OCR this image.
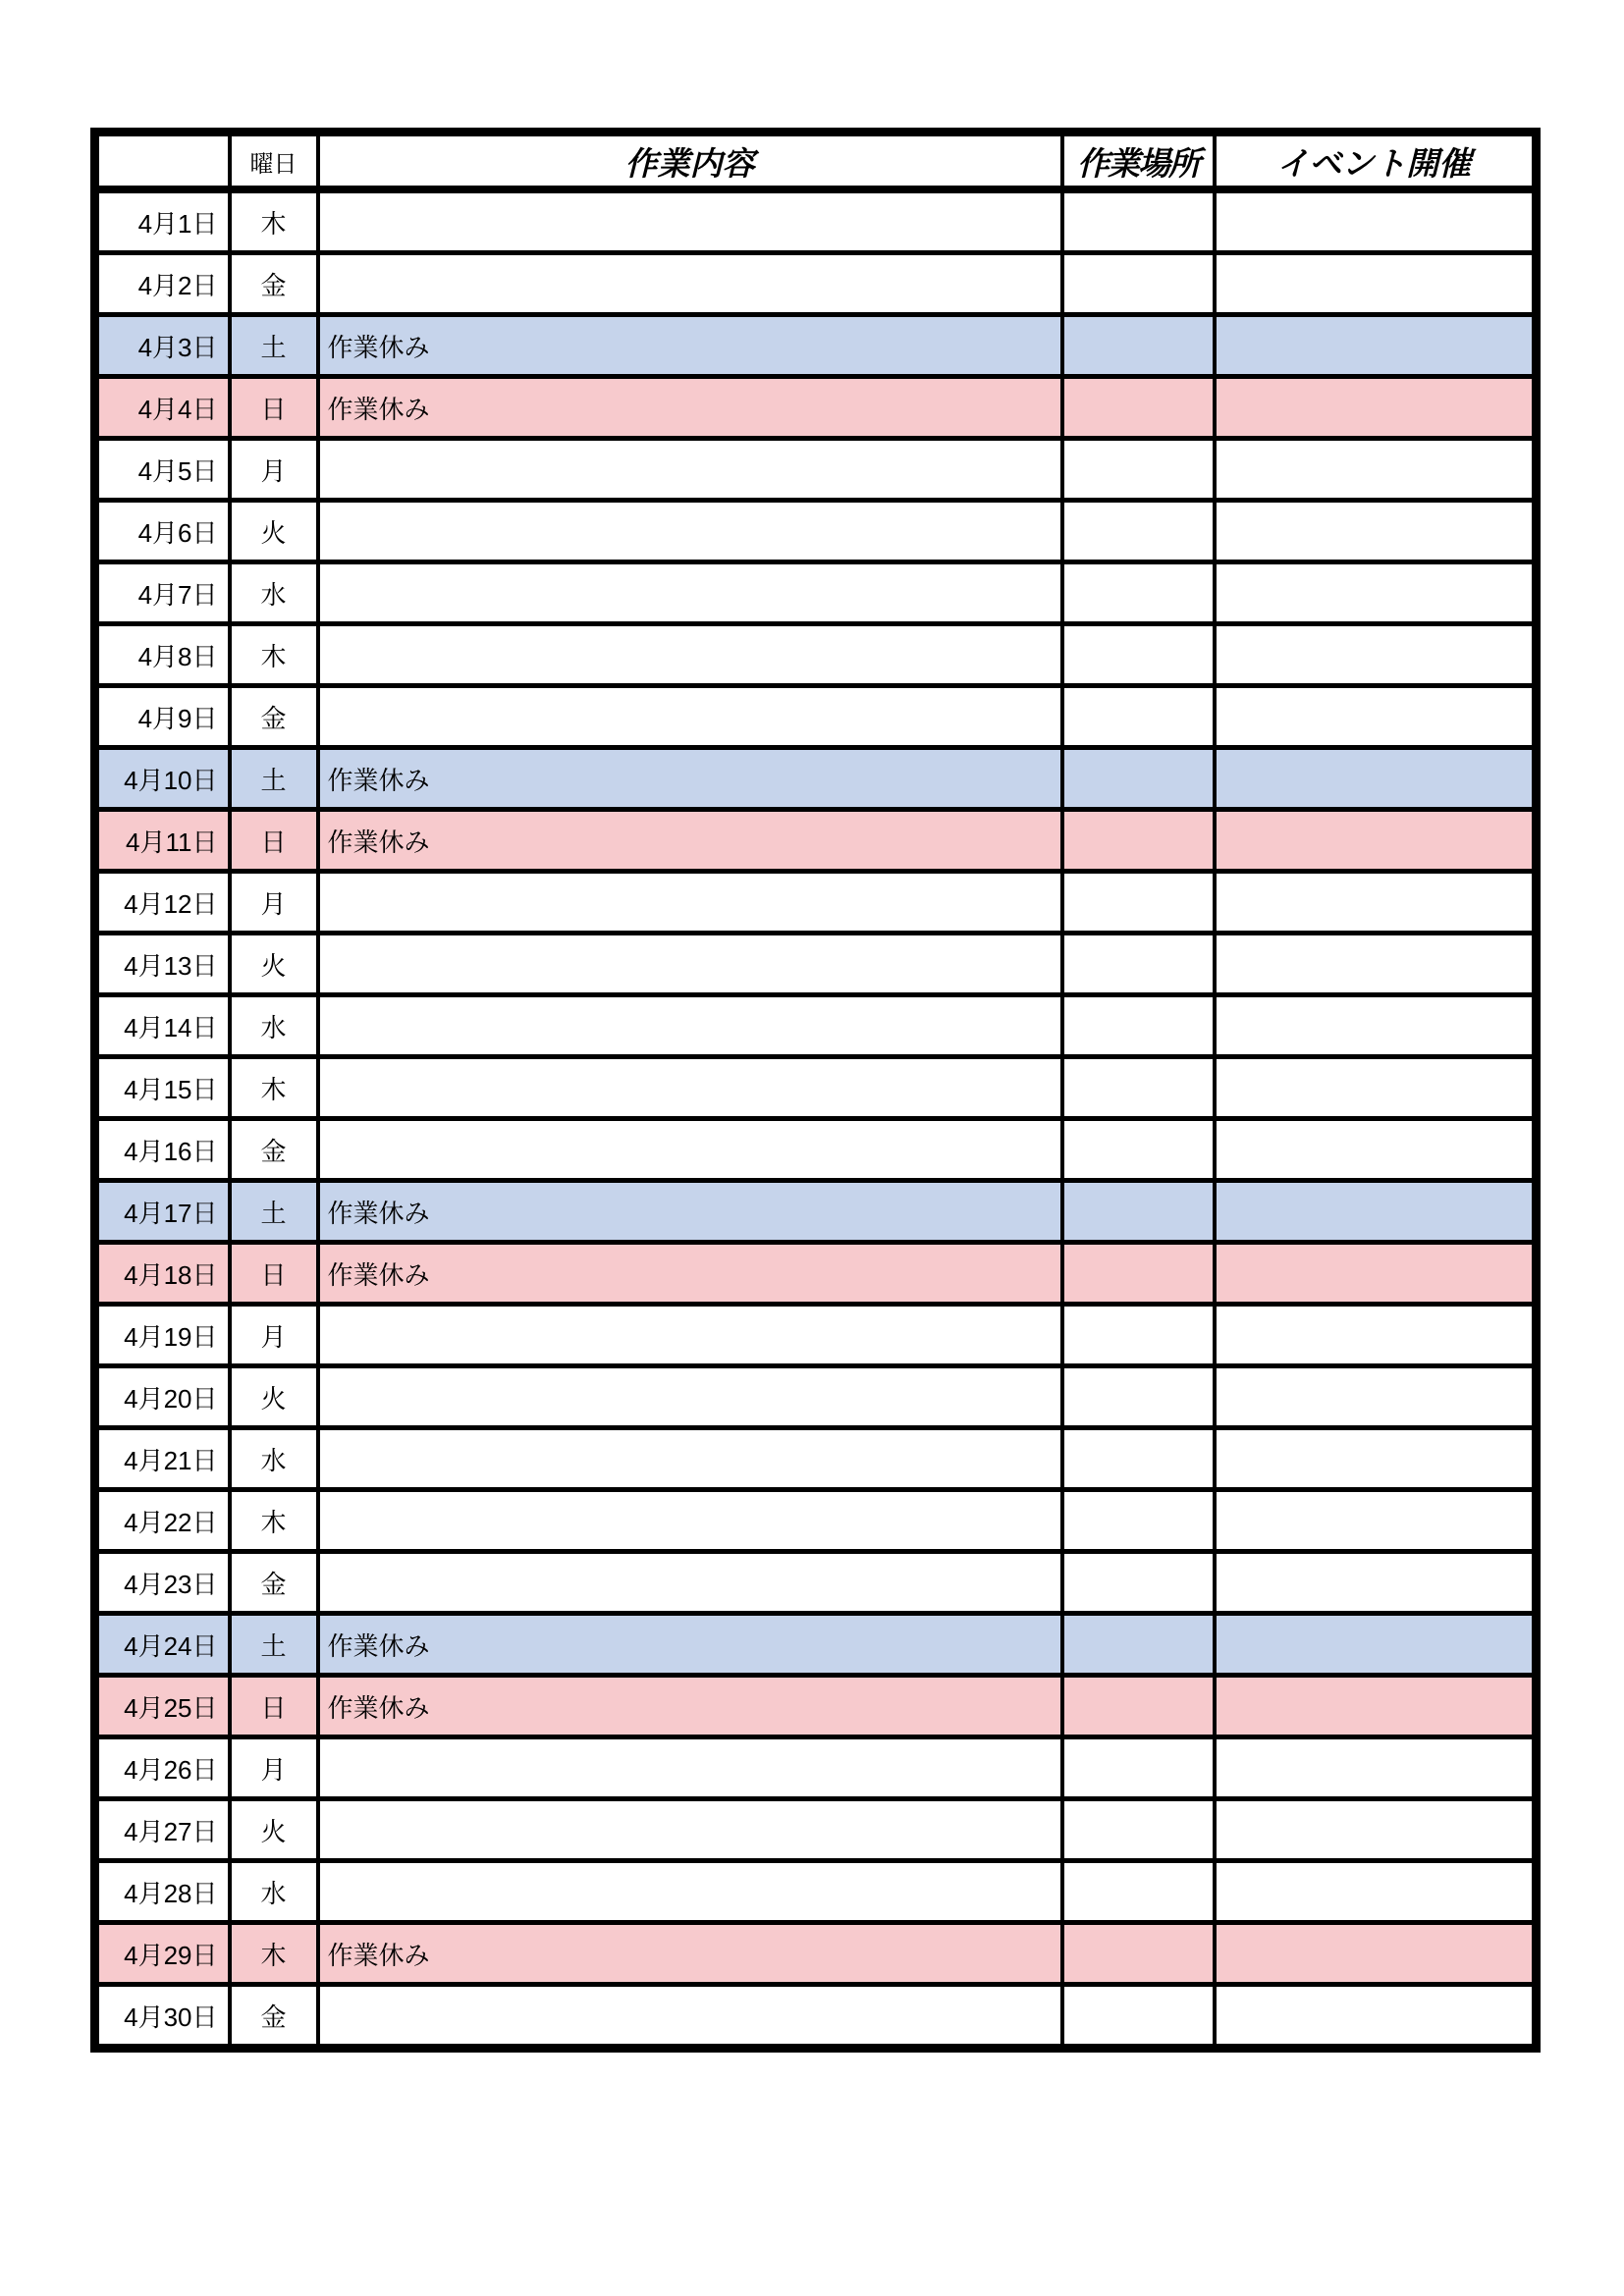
	曜日	作業内容	作業場所	イベント開催
4月1日	木			
4月2日	金			
4月3日	土	作業休み		
4月4日	日	作業休み		
4月5日	月			
4月6日	火			
4月7日	水			
4月8日	木			
4月9日	金			
4月10日	土	作業休み		
4月11日	日	作業休み		
4月12日	月			
4月13日	火			
4月14日	水			
4月15日	木			
4月16日	金			
4月17日	土	作業休み		
4月18日	日	作業休み		
4月19日	月			
4月20日	火			
4月21日	水			
4月22日	木			
4月23日	金			
4月24日	土	作業休み		
4月25日	日	作業休み		
4月26日	月			
4月27日	火			
4月28日	水			
4月29日	木	作業休み		
4月30日	金			
